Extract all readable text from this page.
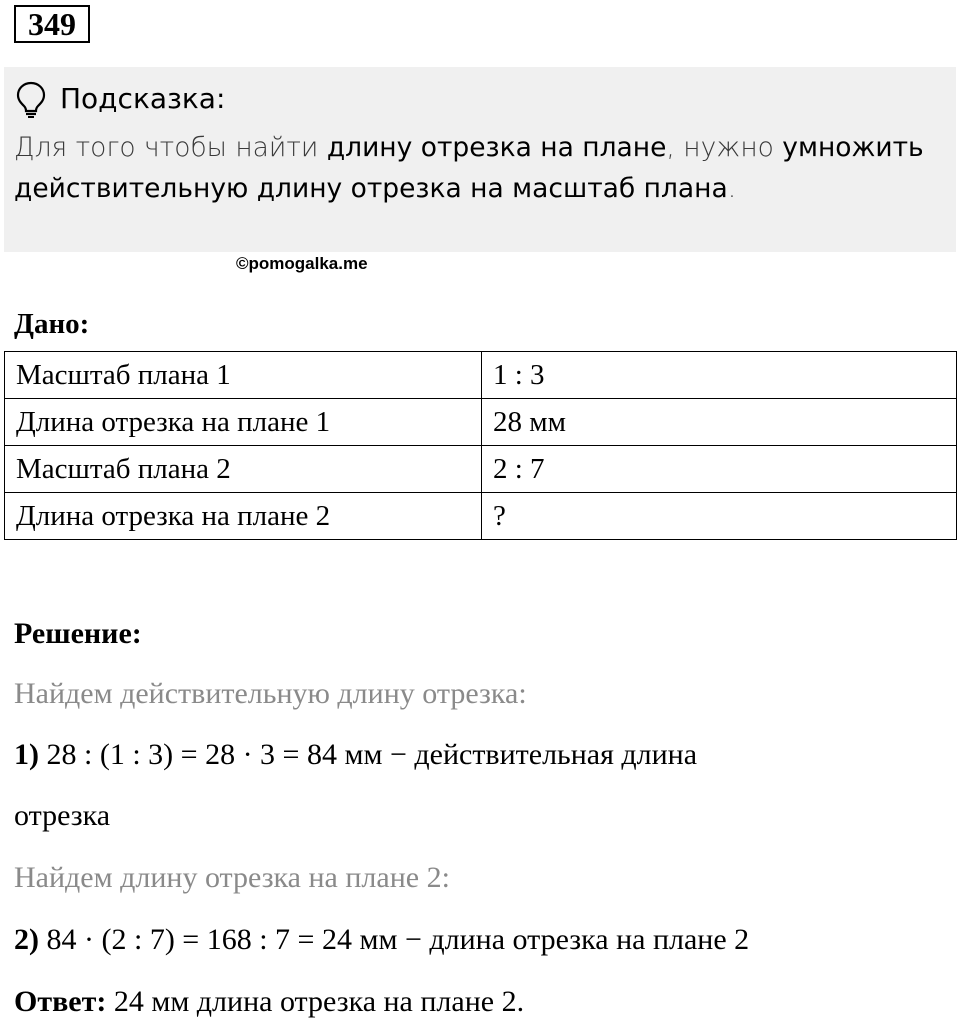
349
Подсказка:
Для того чтобы найти длину отрезка на плане, нужно умножить действительную длину отрезка на масштаб плана.
©pomogalka.me
Дано:
Масштаб плана 1	1 : 3
Длина отрезка на плане 1	28 мм
Масштаб плана 2	2 : 7
Длина отрезка на плане 2	?
Решение:
Найдем действительную длину отрезка:
1) 28 : (1 : 3) = 28 · 3 = 84 мм − действительная длина
отрезка
Найдем длину отрезка на плане 2:
2) 84 · (2 : 7) = 168 : 7 = 24 мм − длина отрезка на плане 2
Ответ: 24 мм длина отрезка на плане 2.
